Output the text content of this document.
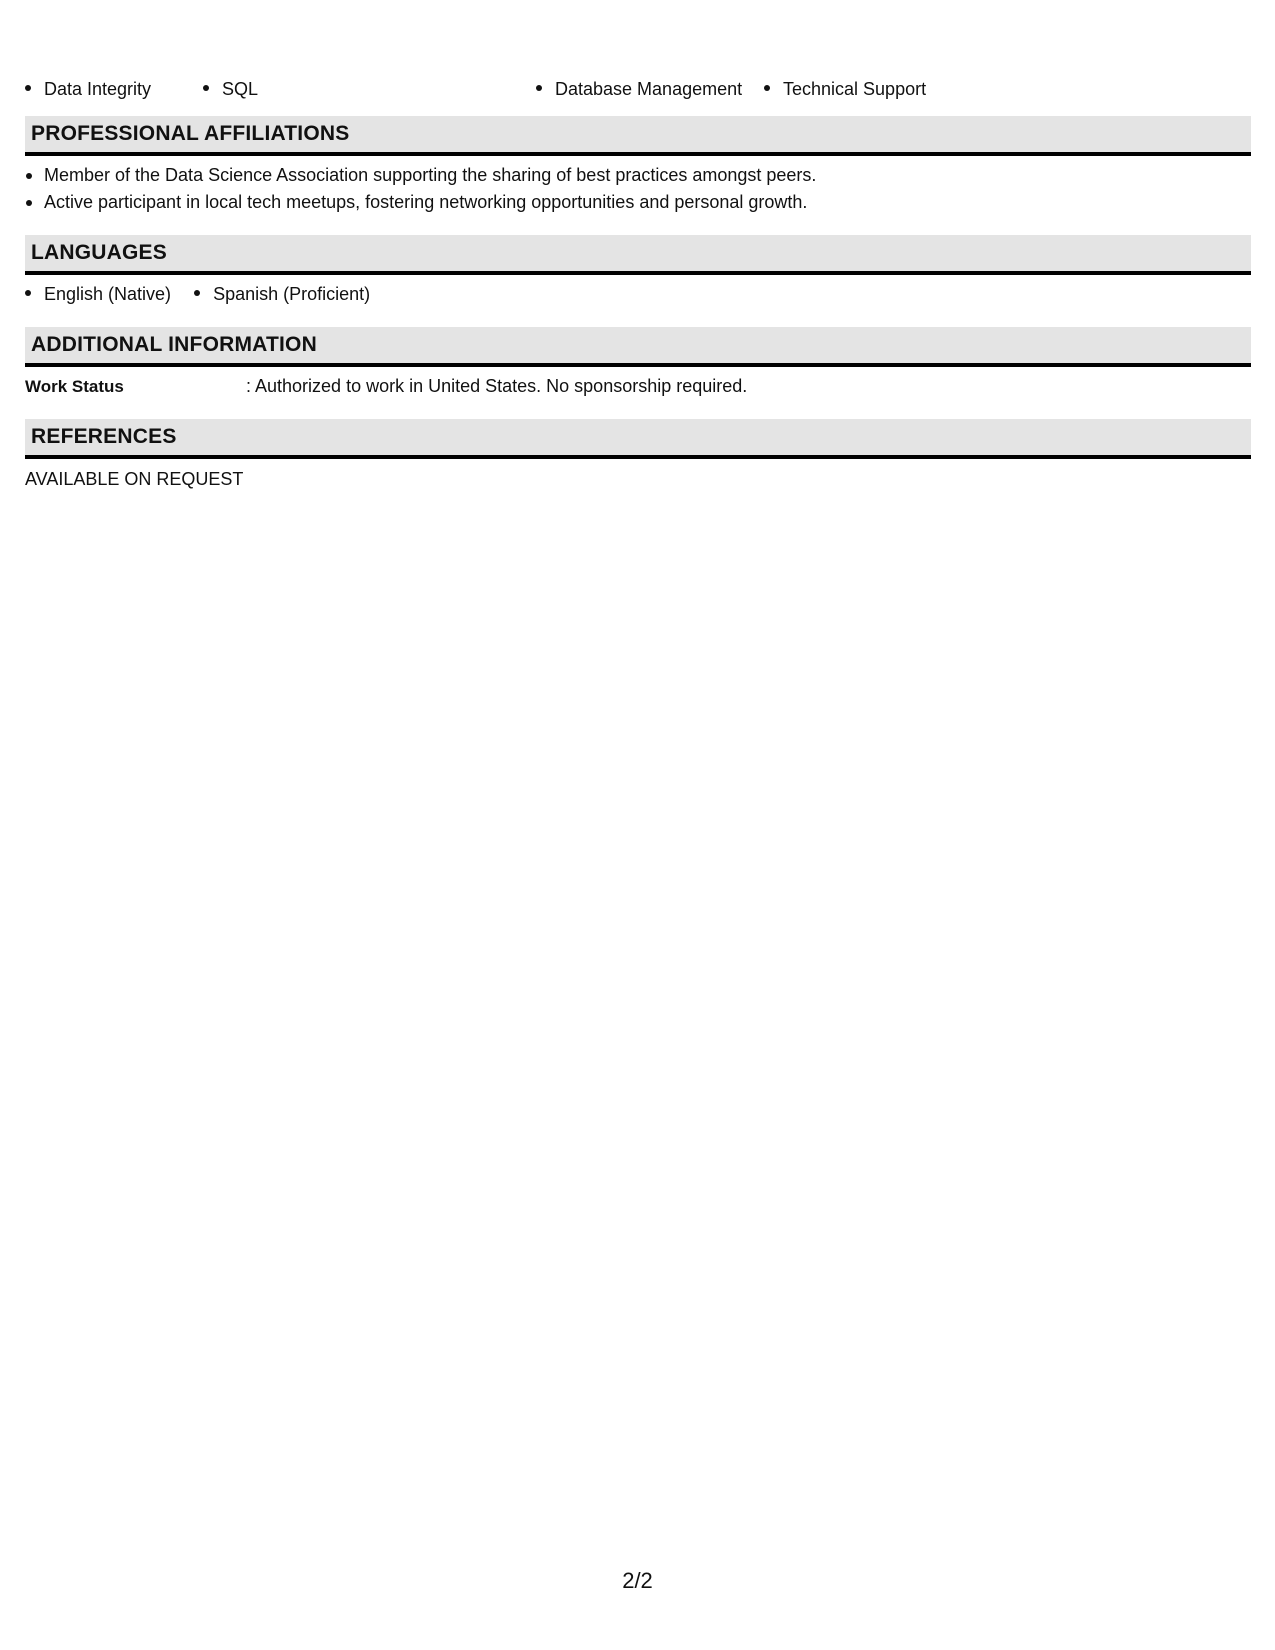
Data Integrity	SQL	Database Management	Technical Support
PROFESSIONAL AFFILIATIONS
Member of the Data Science Association supporting the sharing of best practices amongst peers.
Active participant in local tech meetups, fostering networking opportunities and personal growth.
LANGUAGES
English (Native) Spanish (Proficient)
ADDITIONAL INFORMATION
Work Status	: Authorized to work in United States. No sponsorship required.
REFERENCES
AVAILABLE ON REQUEST
2/2
